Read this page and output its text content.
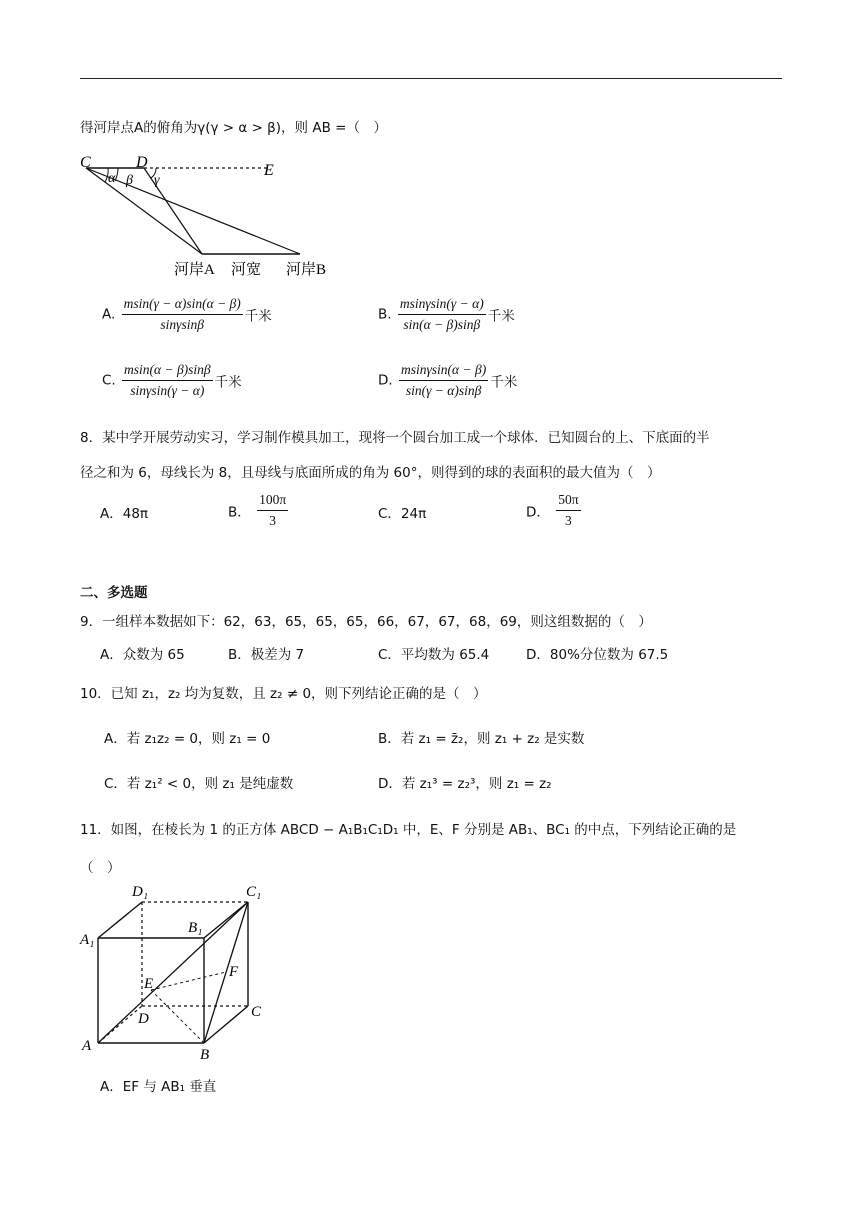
得河岸点A的俯角为γ(γ > α > β)，则 AB =（　）
C	D	E
α β γ
河岸A 河宽 河岸B
A. $\frac{msin(\gamma - \alpha)\sin(\alpha - \beta)}{\sin\gamma\sin\beta}$ 千米	B. $\frac{msin\gamma\sin(\gamma - \alpha)}{\sin(\alpha - \beta)\sin\beta}$ 千米
C. $\frac{msin(\alpha - \beta)\sin\beta}{\sin\gamma\sin(\gamma - \alpha)}$ 千米	D. $\frac{msin\gamma\sin(\alpha - \beta)}{\sin(\gamma - \alpha)\sin\beta}$ 千米
8．某中学开展劳动实习，学习制作模具加工，现将一个圆台加工成一个球体．已知圆台的上、下底面的半
径之和为 6，母线长为 8，且母线与底面所成的角为 60°，则得到的球的表面积的最大值为（　）
A．48π	B． $\frac{100\pi}{3}$	C．24π	D． $\frac{50\pi}{3}$
二、多选题
9．一组样本数据如下：62，63，65，65，65，66，67，67，68，69，则这组数据的（　）
A．众数为 65	B．极差为 7	C．平均数为 65.4	D．80%分位数为 67.5
10．已知 z₁，z₂ 均为复数，且 z₂ ≠ 0，则下列结论正确的是（　）
A．若 z₁z₂ = 0，则 z₁ = 0	B．若 z₁ = z̄₂，则 z₁ + z₂ 是实数
C．若 z₁² < 0，则 z₁ 是纯虚数	D．若 z₁³ = z₂³，则 z₁ = z₂
11．如图，在棱长为 1 的正方体 ABCD − A₁B₁C₁D₁ 中，E、F 分别是 AB₁、BC₁ 的中点，下列结论正确的是
（　）
A
B
C
D
A₁
B₁
C₁
D₁
E
F
A．EF 与 AB₁ 垂直
